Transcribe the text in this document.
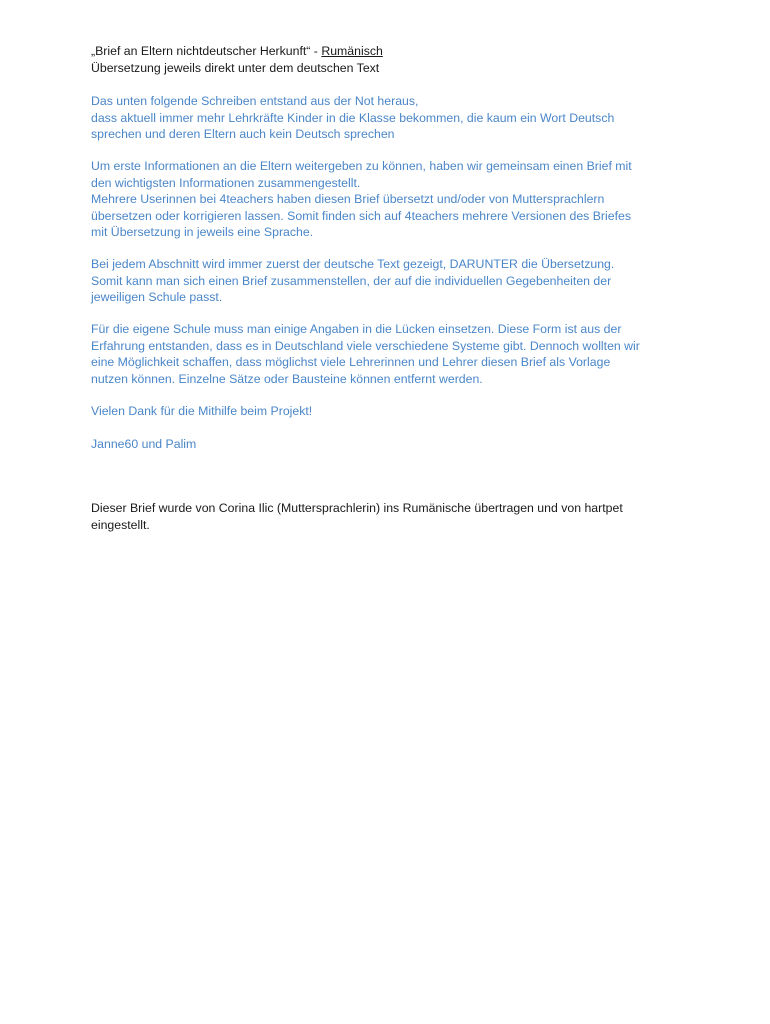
„Brief an Eltern nichtdeutscher Herkunft“ - Rumänisch
Übersetzung jeweils direkt unter dem deutschen Text
Das unten folgende Schreiben entstand aus der Not heraus,
dass aktuell immer mehr Lehrkräfte Kinder in die Klasse bekommen, die kaum ein Wort Deutsch
sprechen und deren Eltern auch kein Deutsch sprechen
Um erste Informationen an die Eltern weitergeben zu können, haben wir gemeinsam einen Brief mit
den wichtigsten Informationen zusammengestellt.
Mehrere Userinnen bei 4teachers haben diesen Brief übersetzt und/oder von Muttersprachlern
übersetzen oder korrigieren lassen. Somit finden sich auf 4teachers mehrere Versionen des Briefes
mit Übersetzung in jeweils eine Sprache.
Bei jedem Abschnitt wird immer zuerst der deutsche Text gezeigt, DARUNTER die Übersetzung.
Somit kann man sich einen Brief zusammenstellen, der auf die individuellen Gegebenheiten der
jeweiligen Schule passt.
Für die eigene Schule muss man einige Angaben in die Lücken einsetzen. Diese Form ist aus der
Erfahrung entstanden, dass es in Deutschland viele verschiedene Systeme gibt. Dennoch wollten wir
eine Möglichkeit schaffen, dass möglichst viele Lehrerinnen und Lehrer diesen Brief als Vorlage
nutzen können. Einzelne Sätze oder Bausteine können entfernt werden.
Vielen Dank für die Mithilfe beim Projekt!
Janne60 und Palim
Dieser Brief wurde von Corina Ilic (Muttersprachlerin) ins Rumänische übertragen und von hartpet
eingestellt.
